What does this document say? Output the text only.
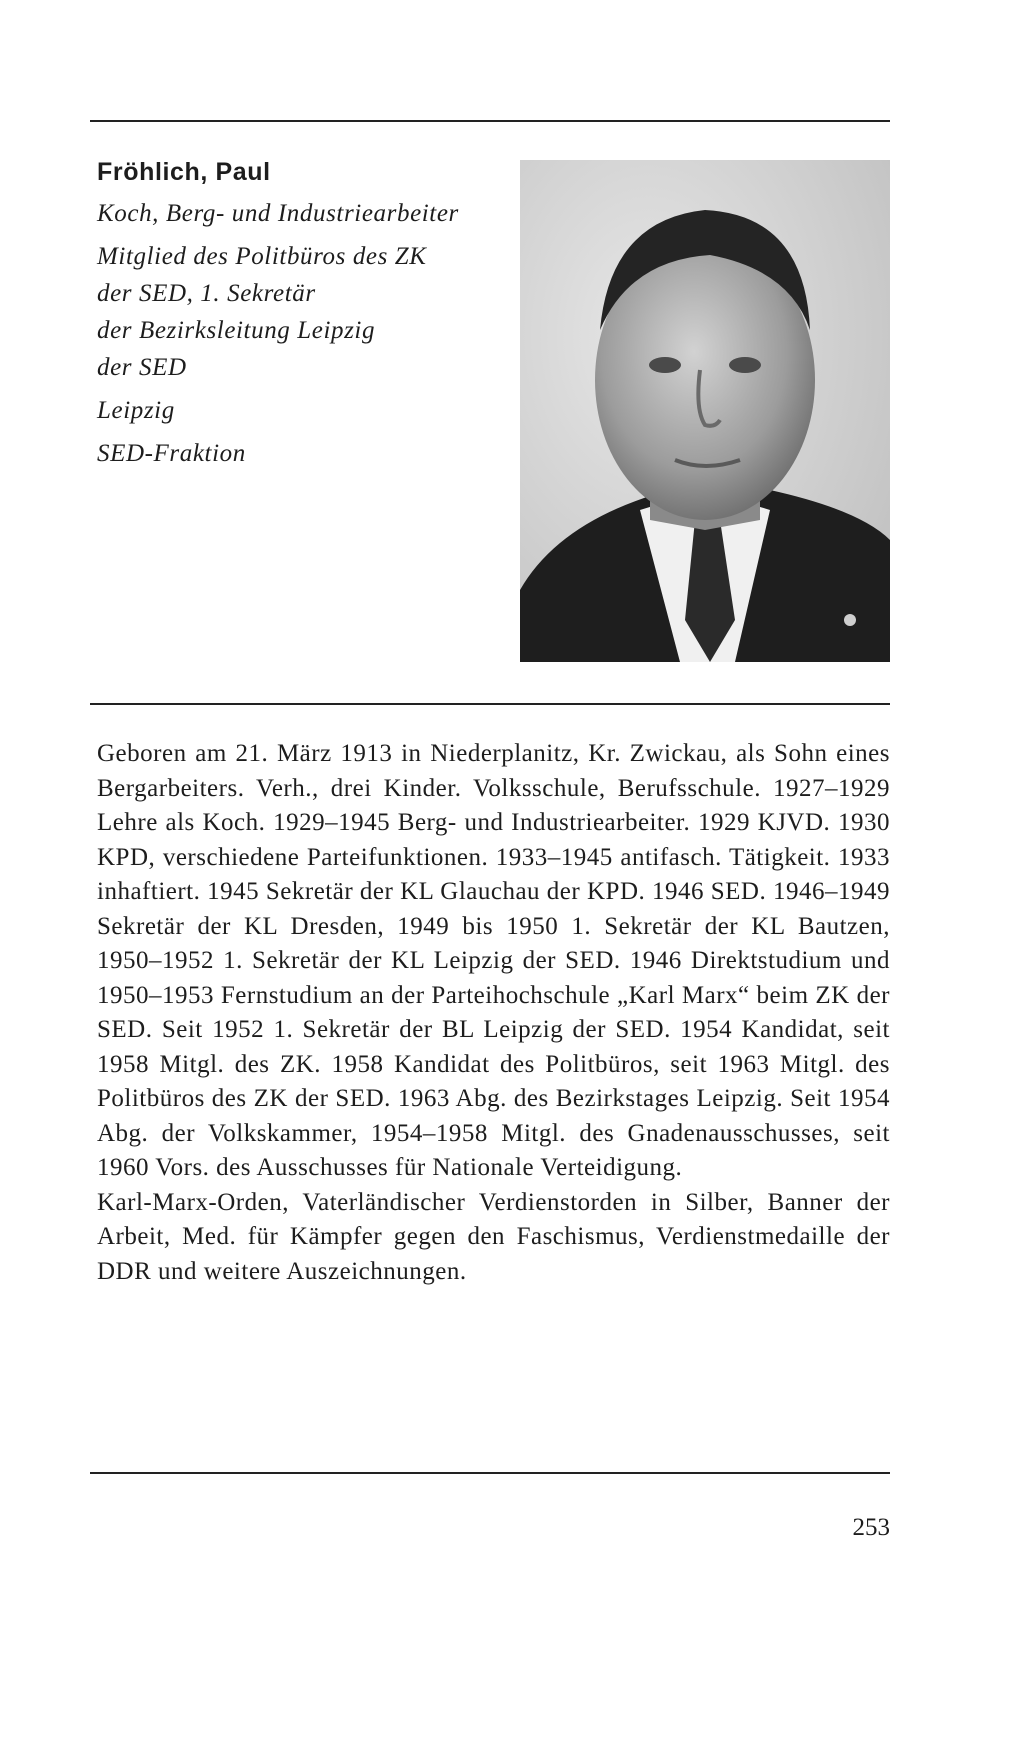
Fröhlich, Paul

Koch, Berg- und Industriearbeiter

Mitglied des Politbüros des ZK

der SED, 1. Sekretär

der Bezirksleitung Leipzig

der SED

Leipzig

SED-Fraktion

Geboren am 21. März 1913 in Niederplanitz, Kr. Zwickau, als Sohn eines Bergarbeiters. Verh., drei Kinder. Volksschule, Berufsschule. 1927–1929 Lehre als Koch. 1929–1945 Berg- und Industriearbeiter. 1929 KJVD. 1930 KPD, verschiedene Parteifunktionen. 1933–1945 antifasch. Tätigkeit. 1933 inhaftiert. 1945 Sekretär der KL Glauchau der KPD. 1946 SED. 1946–1949 Sekretär der KL Dresden, 1949 bis 1950 1. Sekretär der KL Bautzen, 1950–1952 1. Sekretär der KL Leipzig der SED. 1946 Direktstudium und 1950–1953 Fernstudium an der Parteihochschule „Karl Marx“ beim ZK der SED. Seit 1952 1. Sekretär der BL Leipzig der SED. 1954 Kandidat, seit 1958 Mitgl. des ZK. 1958 Kandidat des Politbüros, seit 1963 Mitgl. des Politbüros des ZK der SED. 1963 Abg. des Bezirkstages Leipzig. Seit 1954 Abg. der Volkskammer, 1954–1958 Mitgl. des Gnadenausschusses, seit 1960 Vors. des Ausschusses für Nationale Verteidigung.

Karl-Marx-Orden, Vaterländischer Verdienstorden in Silber, Banner der Arbeit, Med. für Kämpfer gegen den Faschismus, Verdienstmedaille der DDR und weitere Auszeichnungen.

253
